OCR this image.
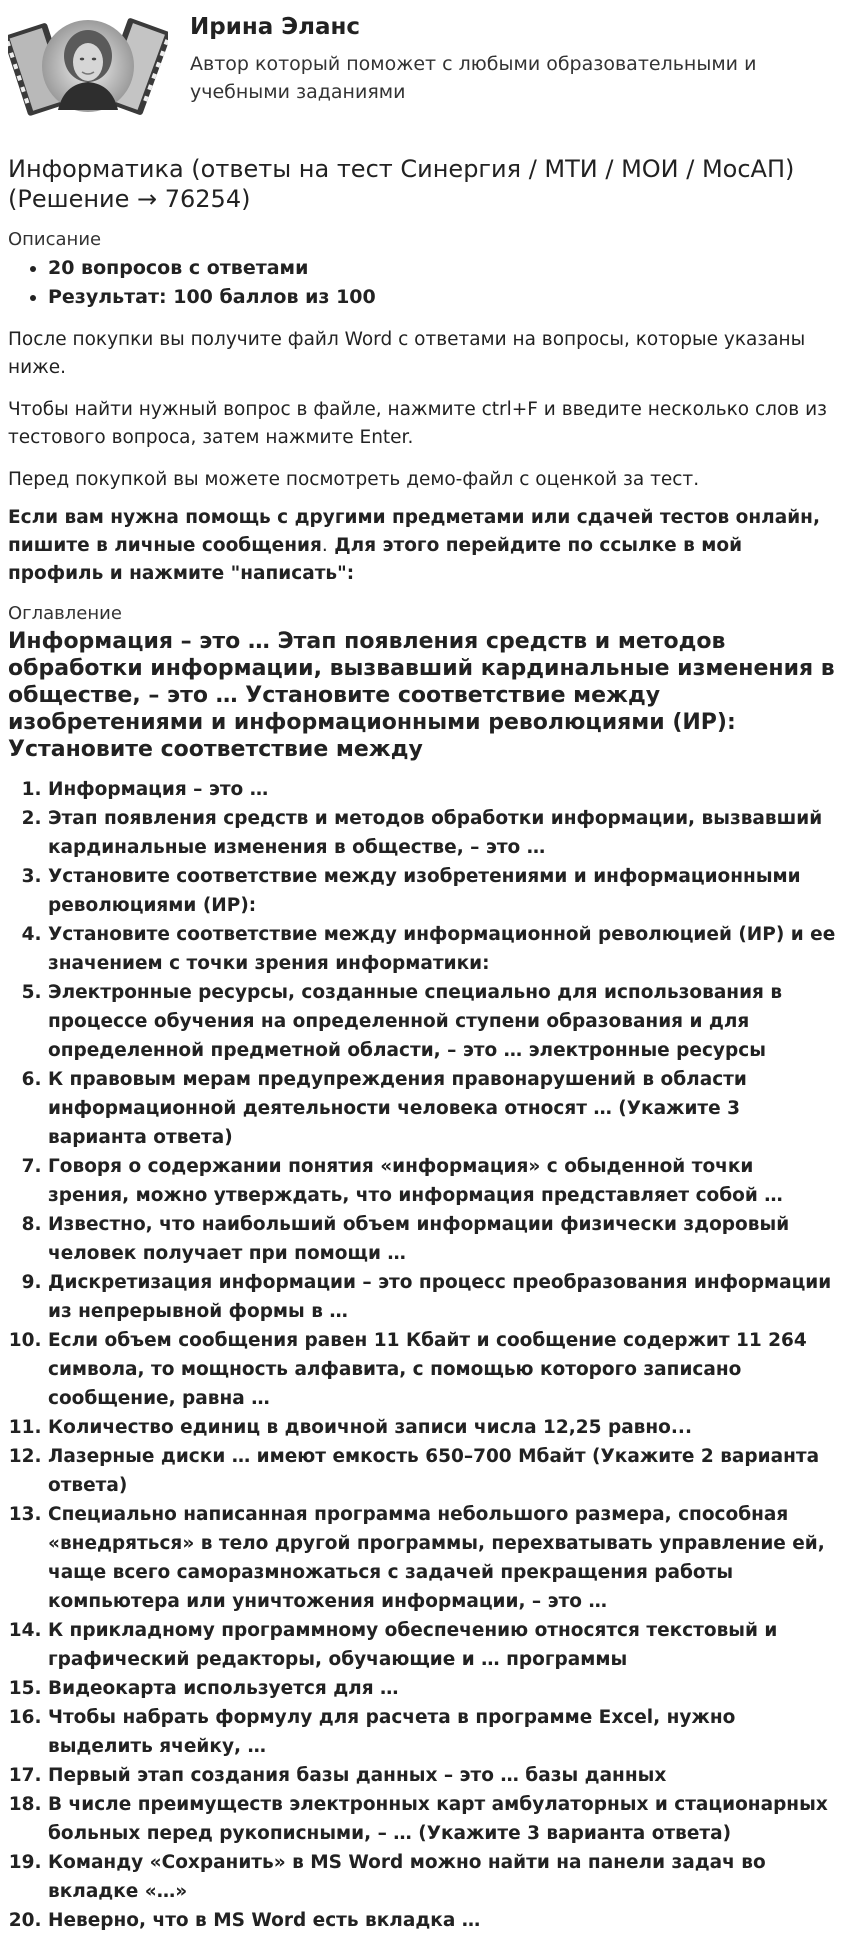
Ирина Эланс
Автор который поможет с любыми образовательными и учебными заданиями
Информатика (ответы на тест Синергия / МТИ / МОИ / МосАП) (Решение → 76254)
Описание
• 20 вопросов с ответами
• Результат: 100 баллов из 100

После покупки вы получите файл Word с ответами на вопросы, которые указаны ниже.

Чтобы найти нужный вопрос в файле, нажмите ctrl+F и введите несколько слов из тестового вопроса, затем нажмите Enter.

Перед покупкой вы можете посмотреть демо-файл с оценкой за тест.

Если вам нужна помощь с другими предметами или сдачей тестов онлайн, пишите в личные сообщения. Для этого перейдите по ссылке в мой профиль и нажмите "написать":

Оглавление
Информация – это … Этап появления средств и методов обработки информации, вызвавший кардинальные изменения в обществе, – это … Установите соответствие между изобретениями и информационными революциями (ИР): Установите соответствие между
1. Информация – это …
2. Этап появления средств и методов обработки информации, вызвавший кардинальные изменения в обществе, – это …
3. Установите соответствие между изобретениями и информационными революциями (ИР):
4. Установите соответствие между информационной революцией (ИР) и ее значением с точки зрения информатики:
5. Электронные ресурсы, созданные специально для использования в процессе обучения на определенной ступени образования и для определенной предметной области, – это … электронные ресурсы
6. К правовым мерам предупреждения правонарушений в области информационной деятельности человека относят … (Укажите 3 варианта ответа)
7. Говоря о содержании понятия «информация» с обыденной точки зрения, можно утверждать, что информация представляет собой …
8. Известно, что наибольший объем информации физически здоровый человек получает при помощи …
9. Дискретизация информации – это процесс преобразования информации из непрерывной формы в …
10. Если объем сообщения равен 11 Кбайт и сообщение содержит 11 264 символа, то мощность алфавита, с помощью которого записано сообщение, равна …
11. Количество единиц в двоичной записи числа 12,25 равно...
12. Лазерные диски … имеют емкость 650–700 Мбайт (Укажите 2 варианта ответа)
13. Специально написанная программа небольшого размера, способная «внедряться» в тело другой программы, перехватывать управление ей, чаще всего саморазмножаться с задачей прекращения работы компьютера или уничтожения информации, – это …
14. К прикладному программному обеспечению относятся текстовый и графический редакторы, обучающие и … программы
15. Видеокарта используется для …
16. Чтобы набрать формулу для расчета в программе Excel, нужно выделить ячейку, …
17. Первый этап создания базы данных – это … базы данных
18. В числе преимуществ электронных карт амбулаторных и стационарных больных перед рукописными, – … (Укажите 3 варианта ответа)
19. Команду «Сохранить» в MS Word можно найти на панели задач во вкладке «…»
20. Неверно, что в MS Word есть вкладка …
